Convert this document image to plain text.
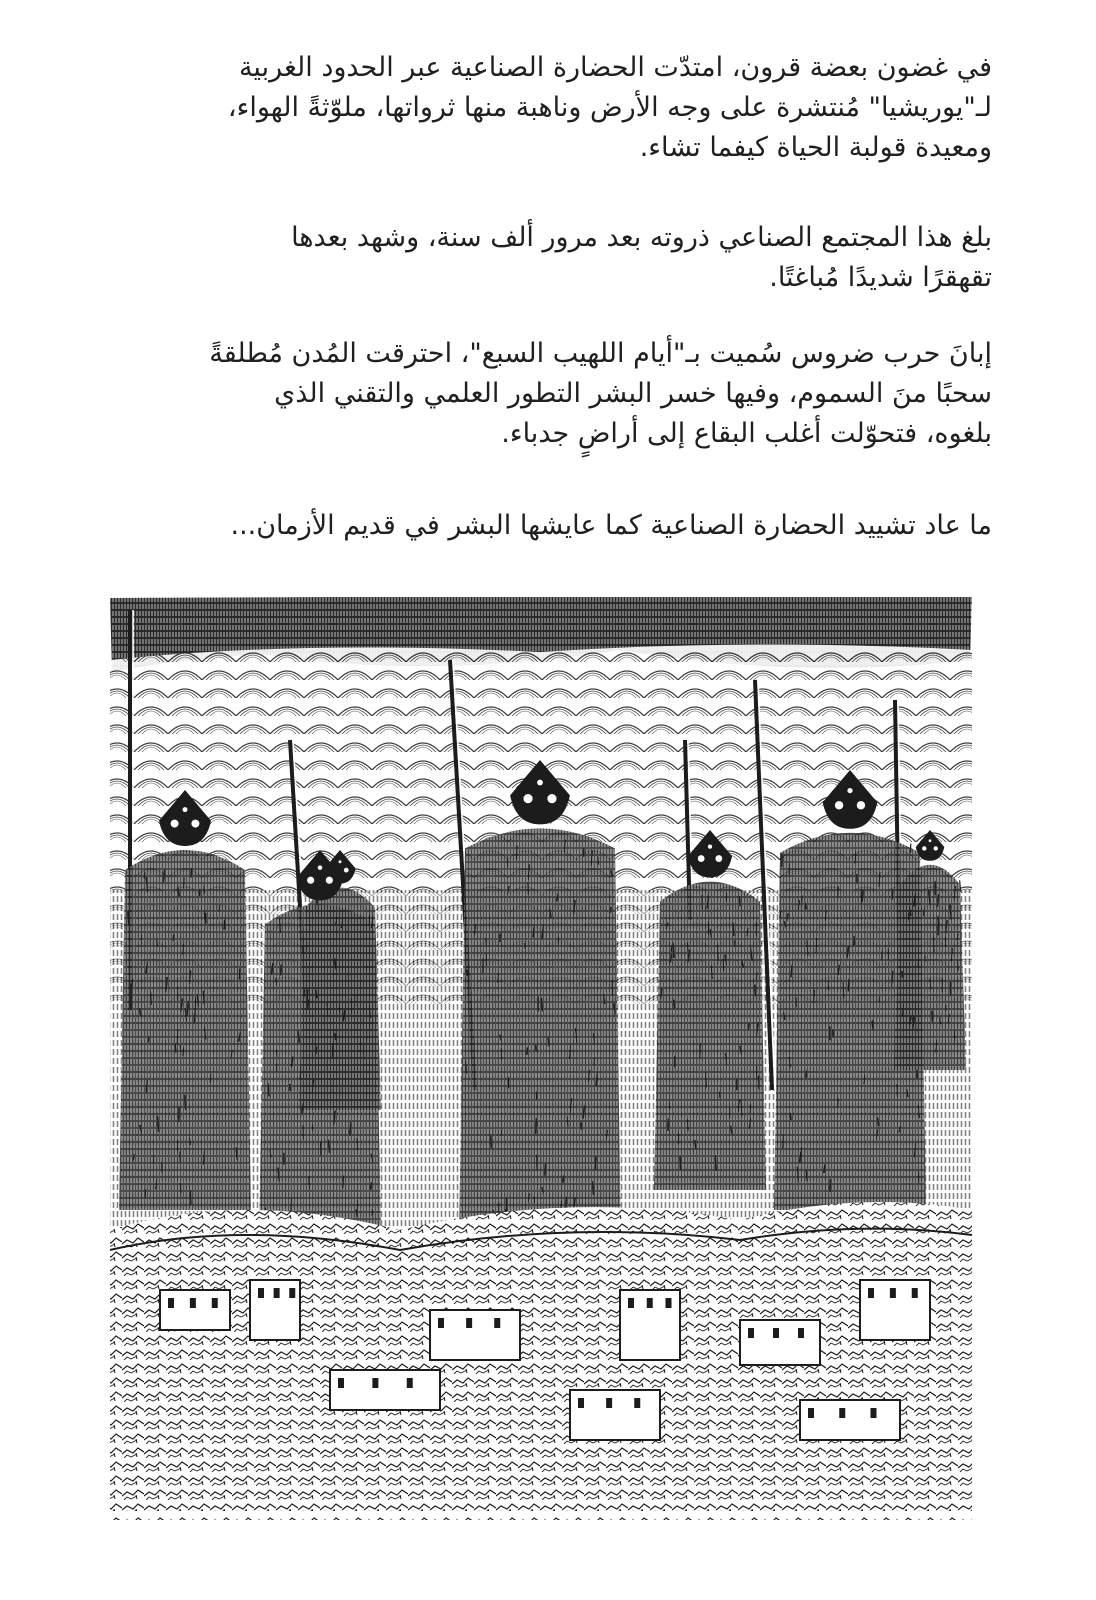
في غضون بعضة قرون، امتدّت الحضارة الصناعية عبر الحدود الغربية
لـ"يوريشيا" مُنتشرة على وجه الأرض وناهبة منها ثرواتها، ملوّثةً الهواء،
ومعيدة قولبة الحياة كيفما تشاء.
بلغ هذا المجتمع الصناعي ذروته بعد مرور ألف سنة، وشهد بعدها
تقهقرًا شديدًا مُباغتًا.
إبانَ حرب ضروس سُميت بـ"أيام اللهيب السبع"، احترقت المُدن مُطلقةً
سحبًا منَ السموم، وفيها خسر البشر التطور العلمي والتقني الذي
بلغوه، فتحوّلت أغلب البقاع إلى أراضٍ جدباء.
ما عاد تشييد الحضارة الصناعية كما عايشها البشر في قديم الأزمان...
